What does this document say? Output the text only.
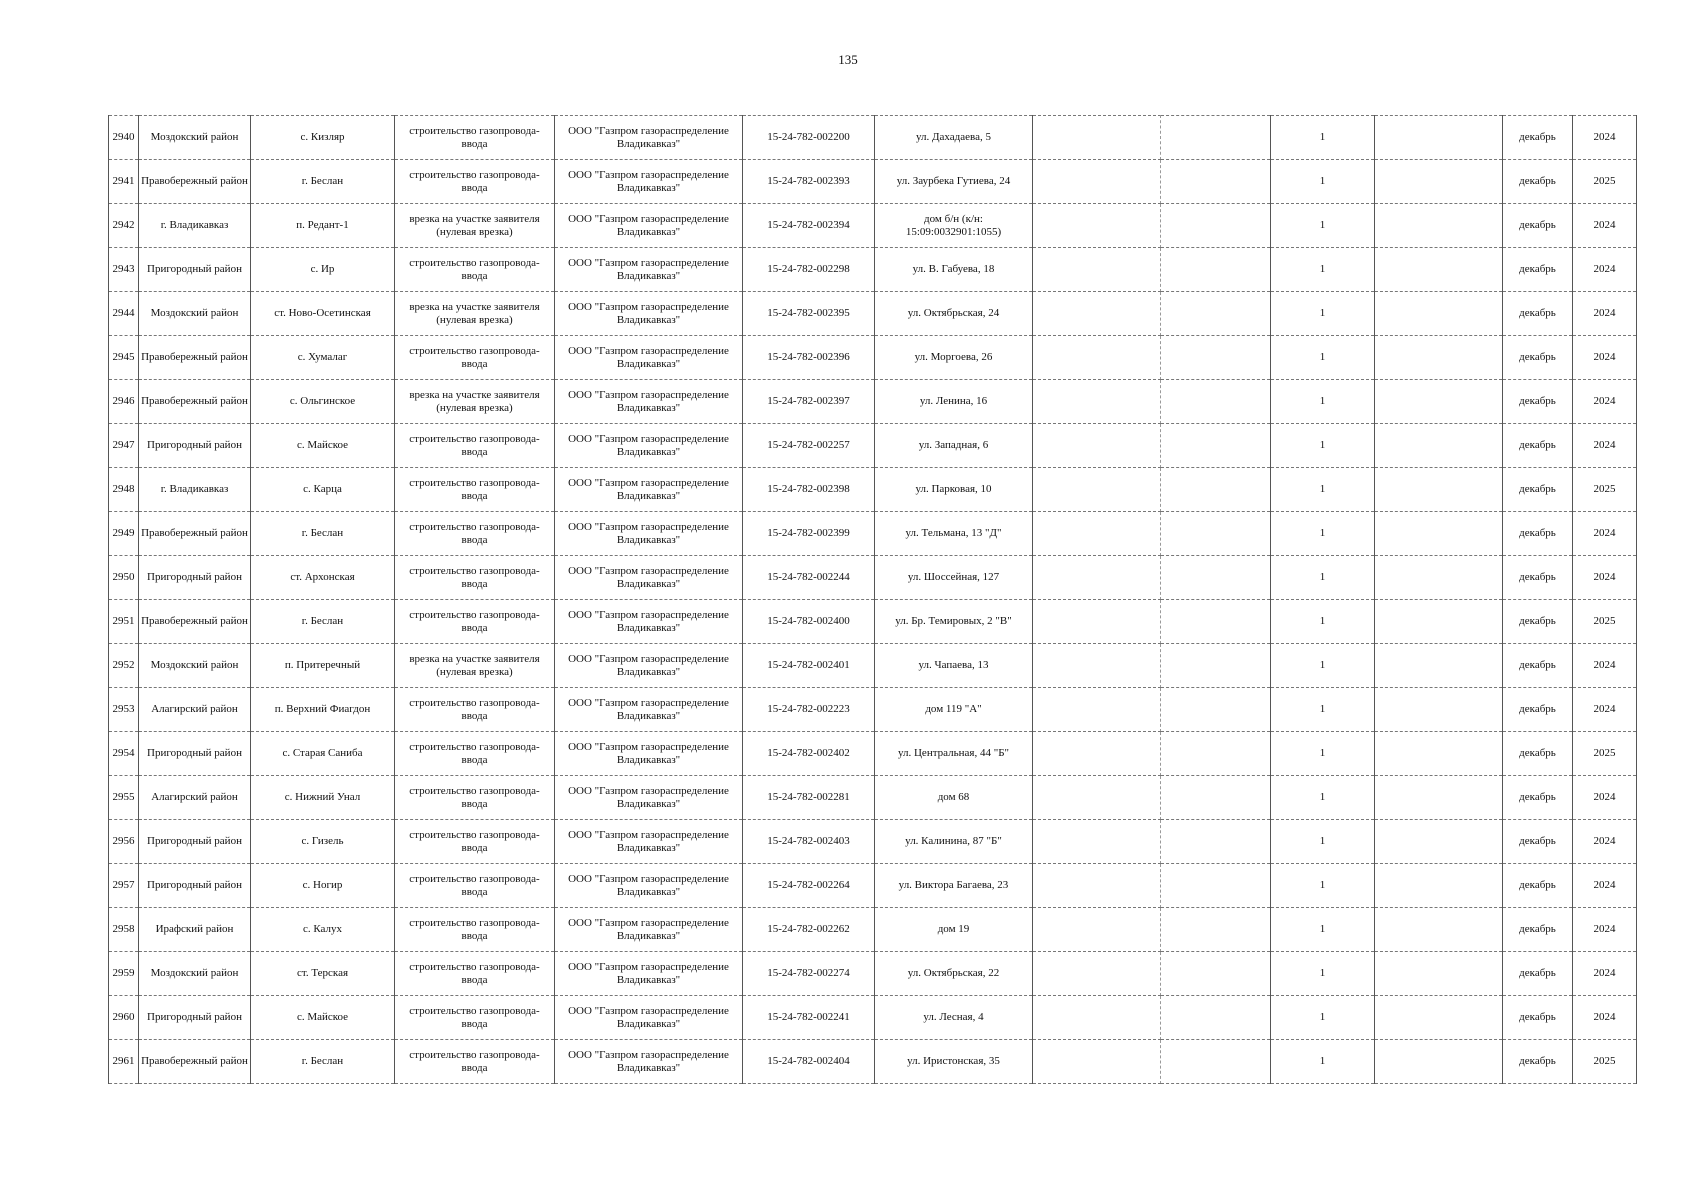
135
2940	Моздокский район	с. Кизляр	строительство газопровода-ввода	ООО "Газпром газораспределение Владикавказ"	15-24-782-002200	ул. Дахадаева, 5			1		декабрь	2024
2941	Правобережный район	г. Беслан	строительство газопровода-ввода	ООО "Газпром газораспределение Владикавказ"	15-24-782-002393	ул. Заурбека Гутиева, 24			1		декабрь	2025
2942	г. Владикавказ	п. Редант-1	врезка на участке заявителя (нулевая врезка)	ООО "Газпром газораспределение Владикавказ"	15-24-782-002394	дом б/н (к/н: 15:09:0032901:1055)			1		декабрь	2024
2943	Пригородный район	с. Ир	строительство газопровода-ввода	ООО "Газпром газораспределение Владикавказ"	15-24-782-002298	ул. В. Габуева, 18			1		декабрь	2024
2944	Моздокский район	ст. Ново-Осетинская	врезка на участке заявителя (нулевая врезка)	ООО "Газпром газораспределение Владикавказ"	15-24-782-002395	ул. Октябрьская, 24			1		декабрь	2024
2945	Правобережный район	с. Хумалаг	строительство газопровода-ввода	ООО "Газпром газораспределение Владикавказ"	15-24-782-002396	ул. Моргоева, 26			1		декабрь	2024
2946	Правобережный район	с. Ольгинское	врезка на участке заявителя (нулевая врезка)	ООО "Газпром газораспределение Владикавказ"	15-24-782-002397	ул. Ленина, 16			1		декабрь	2024
2947	Пригородный район	с. Майское	строительство газопровода-ввода	ООО "Газпром газораспределение Владикавказ"	15-24-782-002257	ул. Западная, 6			1		декабрь	2024
2948	г. Владикавказ	с. Карца	строительство газопровода-ввода	ООО "Газпром газораспределение Владикавказ"	15-24-782-002398	ул. Парковая, 10			1		декабрь	2025
2949	Правобережный район	г. Беслан	строительство газопровода-ввода	ООО "Газпром газораспределение Владикавказ"	15-24-782-002399	ул. Тельмана, 13 "Д"			1		декабрь	2024
2950	Пригородный район	ст. Архонская	строительство газопровода-ввода	ООО "Газпром газораспределение Владикавказ"	15-24-782-002244	ул. Шоссейная, 127			1		декабрь	2024
2951	Правобережный район	г. Беслан	строительство газопровода-ввода	ООО "Газпром газораспределение Владикавказ"	15-24-782-002400	ул. Бр. Темировых, 2 "В"			1		декабрь	2025
2952	Моздокский район	п. Притеречный	врезка на участке заявителя (нулевая врезка)	ООО "Газпром газораспределение Владикавказ"	15-24-782-002401	ул. Чапаева, 13			1		декабрь	2024
2953	Алагирский район	п. Верхний Фиагдон	строительство газопровода-ввода	ООО "Газпром газораспределение Владикавказ"	15-24-782-002223	дом 119 "А"			1		декабрь	2024
2954	Пригородный район	с. Старая Саниба	строительство газопровода-ввода	ООО "Газпром газораспределение Владикавказ"	15-24-782-002402	ул. Центральная, 44 "Б"			1		декабрь	2025
2955	Алагирский район	с. Нижний Унал	строительство газопровода-ввода	ООО "Газпром газораспределение Владикавказ"	15-24-782-002281	дом 68			1		декабрь	2024
2956	Пригородный район	с. Гизель	строительство газопровода-ввода	ООО "Газпром газораспределение Владикавказ"	15-24-782-002403	ул. Калинина, 87 "Б"			1		декабрь	2024
2957	Пригородный район	с. Ногир	строительство газопровода-ввода	ООО "Газпром газораспределение Владикавказ"	15-24-782-002264	ул. Виктора Багаева, 23			1		декабрь	2024
2958	Ирафский район	с. Калух	строительство газопровода-ввода	ООО "Газпром газораспределение Владикавказ"	15-24-782-002262	дом 19			1		декабрь	2024
2959	Моздокский район	ст. Терская	строительство газопровода-ввода	ООО "Газпром газораспределение Владикавказ"	15-24-782-002274	ул. Октябрьская, 22			1		декабрь	2024
2960	Пригородный район	с. Майское	строительство газопровода-ввода	ООО "Газпром газораспределение Владикавказ"	15-24-782-002241	ул. Лесная, 4			1		декабрь	2024
2961	Правобережный район	г. Беслан	строительство газопровода-ввода	ООО "Газпром газораспределение Владикавказ"	15-24-782-002404	ул. Иристонская, 35			1		декабрь	2025
